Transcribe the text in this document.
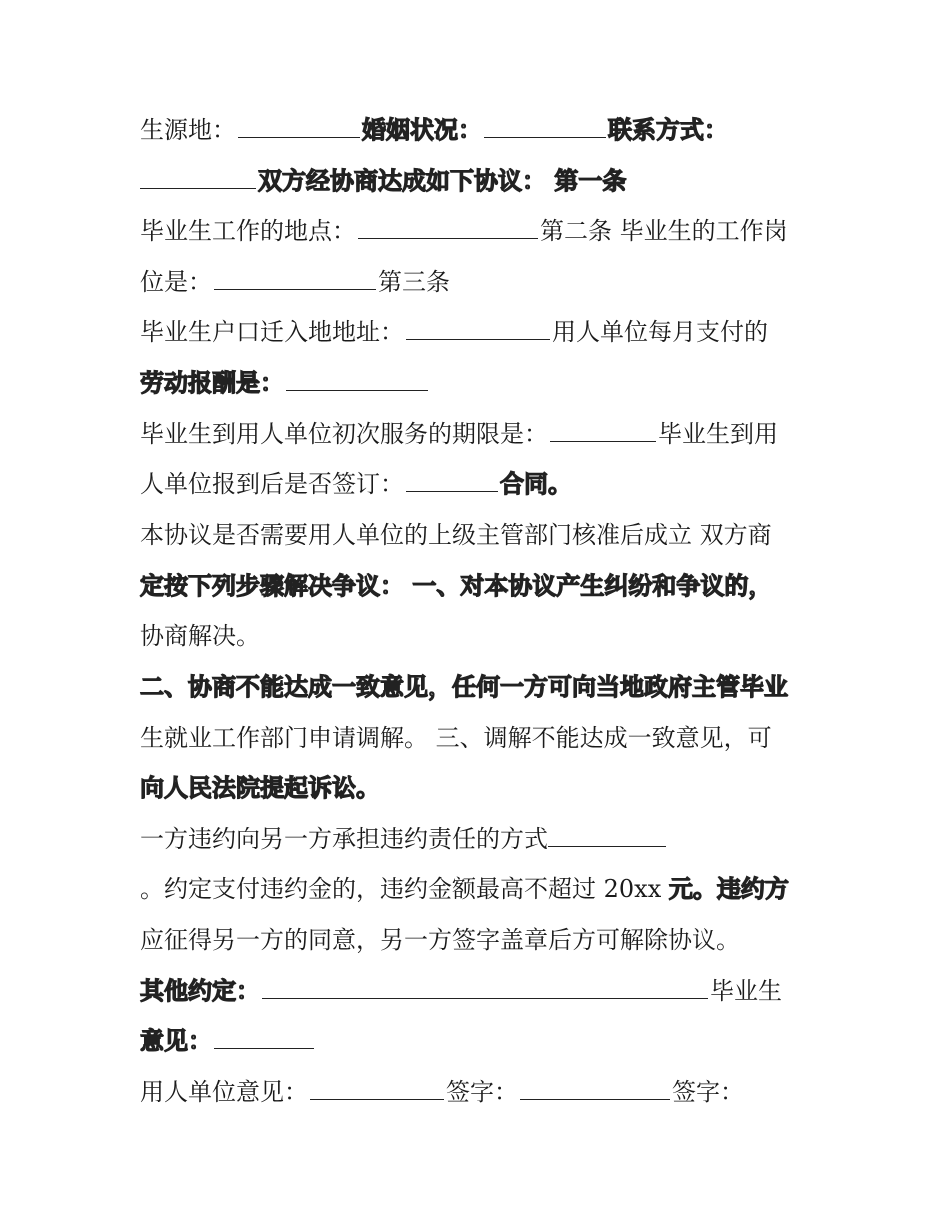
生源地：	婚姻状况：	联系方式：
双方经协商达成如下协议： 第一条
毕业生工作的地点：	第二条 毕业生的工作岗
位是：	第三条
毕业生户口迁入地地址：	用人单位每月支付的
劳动报酬是：
毕业生到用人单位初次服务的期限是：	毕业生到用
人单位报到后是否签订：	合同。
本协议是否需要用人单位的上级主管部门核准后成立 双方商
定按下列步骤解决争议： 一、对本协议产生纠纷和争议的，
协商解决。
二、协商不能达成一致意见，任何一方可向当地政府主管毕业
生就业工作部门申请调解。 三、调解不能达成一致意见，可
向人民法院提起诉讼。
一方违约向另一方承担违约责任的方式
。约定支付违约金的，违约金额最高不超过 20xx 元。违约方
应征得另一方的同意，另一方签字盖章后方可解除协议。
其他约定：	毕业生
意见：
用人单位意见：	签字：	签字：
